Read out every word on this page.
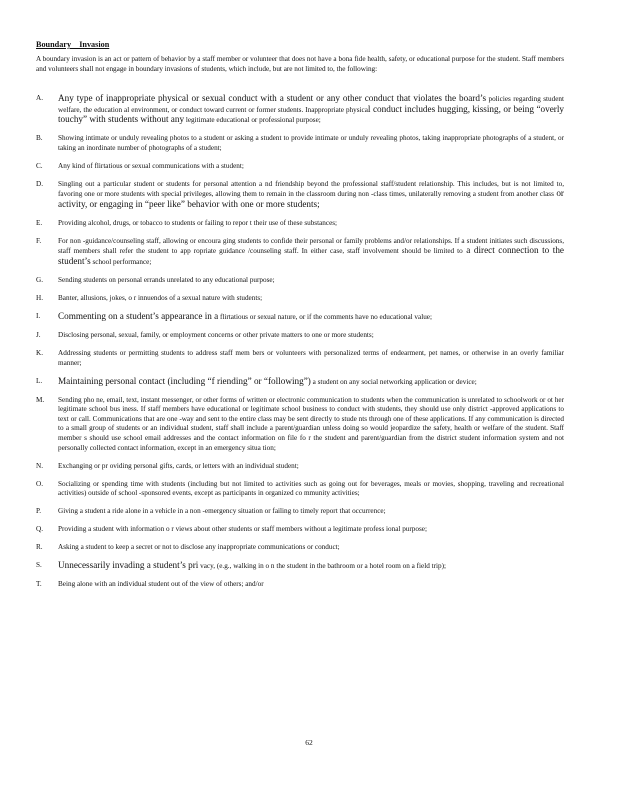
Boundary    Invasion
A boundary invasion is an act or pattern of behavior by a staff member or volunteer that does not have a bona fide health, safety, or educational purpose for the student. Staff members and volunteers shall not engage in boundary invasions of students, which include, but are not limited to, the following:
A. Any type of inappropriate physical or sexual conduct with a student or any other conduct that violates the board’s policies regarding student welfare, the education al environment, or conduct toward current or former students. Inappropriate physical conduct includes hugging, kissing, or being “overly touchy” with students without any legitimate educational or professional purpose;
B. Showing intimate or unduly revealing photos to a student or asking a student to provide intimate or unduly revealing photos, taking inappropriate photographs of a student, or taking an inordinate number of photographs of a student;
C. Any kind of flirtatious or sexual communications with a student;
D. Singling out a particular student or students for personal attention a nd friendship beyond the professional staff/student relationship. This includes, but is not limited to, favoring one or more students with special privileges, allowing them to remain in the classroom during non -class times, unilaterally removing a student from another class or activity, or engaging in “peer like” behavior with one or more students;
E. Providing alcohol, drugs, or tobacco to students or failing to repor t their use of these substances;
F. For non -guidance/counseling staff, allowing or encoura ging students to confide their personal or family problems and/or relationships. If a student initiates such discussions, staff members shall refer the student to app ropriate guidance /counseling staff. In either case, staff involvement should be limited to a direct connection to the student’s school performance;
G. Sending students on personal errands unrelated to any educational purpose;
H. Banter, allusions, jokes, o r innuendos of a sexual nature with students;
I. Commenting on a student’s appearance in a flirtatious or sexual nature, or if the comments have no educational value;
J. Disclosing personal, sexual, family, or employment concerns or other private matters to one or more students;
K. Addressing students or permitting students to address staff mem bers or volunteers with personalized terms of endearment, pet names, or otherwise in an overly familiar manner;
L. Maintaining personal contact (including “f riending” or “following”) a student on any social networking application or device;
M. Sending pho ne, email, text, instant messenger, or other forms of written or electronic communication to students when the communication is unrelated to schoolwork or ot her legitimate school bus iness. If staff members have educational or legitimate school business to conduct with students, they should use only district -approved applications to text or call. Communications that are one -way and sent to the entire class may be sent directly to stude nts through one of these applications. If any communication is directed to a small group of students or an individual student, staff shall include a parent/guardian unless doing so would jeopardize the safety, health or welfare of the student. Staff member s should use school email addresses and the contact information on file fo r the student and parent/guardian from the district student information system and not personally collected contact information, except in an emergency situa tion;
N. Exchanging or pr oviding personal gifts, cards, or letters with an individual student;
O. Socializing or spending time with students (including but not limited to activities such as going out for beverages, meals or movies, shopping, traveling and recreational activities) outside of school -sponsored events, except as participants in organized co mmunity activities;
P. Giving a student a ride alone in a vehicle in a non -emergency situation or failing to timely report that occurrence;
Q. Providing a student with information o r views about other students or staff members without a legitimate profess ional purpose;
R. Asking a student to keep a secret or not to disclose any inappropriate communications or conduct;
S. Unnecessarily invading a student’s pri vacy, (e.g., walking in o n the student in the bathroom or a hotel room on a field trip);
T. Being alone with an individual student out of the view of others; and/or
62
